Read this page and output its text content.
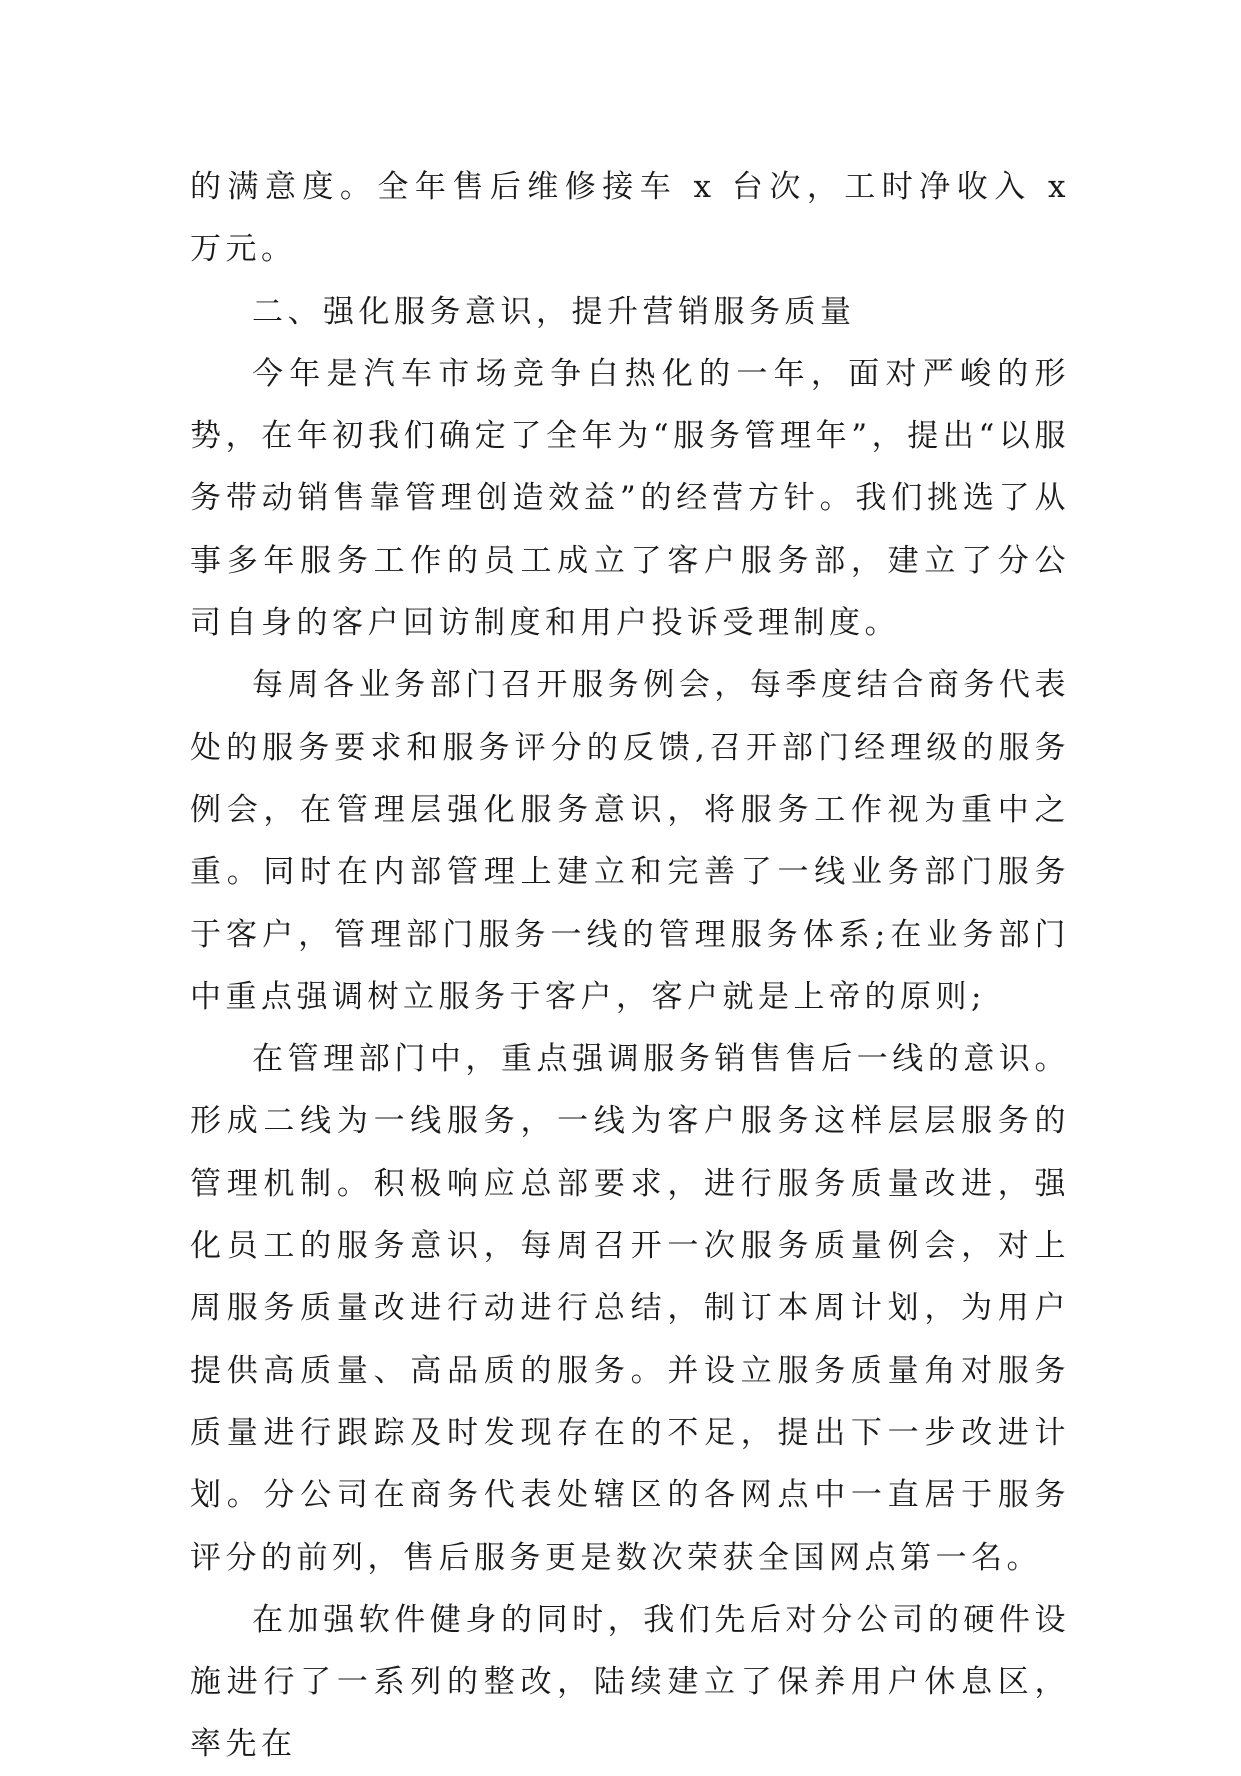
的满意度。全年售后维修接车 x 台次，工时净收入 x 万元。

二、强化服务意识，提升营销服务质量

今年是汽车市场竞争白热化的一年，面对严峻的形势，在年初我们确定了全年为“服务管理年”，提出“以服务带动销售靠管理创造效益”的经营方针。我们挑选了从事多年服务工作的员工成立了客户服务部，建立了分公司自身的客户回访制度和用户投诉受理制度。

每周各业务部门召开服务例会，每季度结合商务代表处的服务要求和服务评分的反馈,召开部门经理级的服务例会，在管理层强化服务意识，将服务工作视为重中之重。同时在内部管理上建立和完善了一线业务部门服务于客户，管理部门服务一线的管理服务体系;在业务部门中重点强调树立服务于客户，客户就是上帝的原则;

在管理部门中，重点强调服务销售售后一线的意识。形成二线为一线服务，一线为客户服务这样层层服务的管理机制。积极响应总部要求，进行服务质量改进，强化员工的服务意识，每周召开一次服务质量例会，对上周服务质量改进行动进行总结，制订本周计划，为用户提供高质量、高品质的服务。并设立服务质量角对服务质量进行跟踪及时发现存在的不足，提出下一步改进计划。分公司在商务代表处辖区的各网点中一直居于服务评分的前列，售后服务更是数次荣获全国网点第一名。

在加强软件健身的同时，我们先后对分公司的硬件设施进行了一系列的整改，陆续建立了保养用户休息区，率先在
